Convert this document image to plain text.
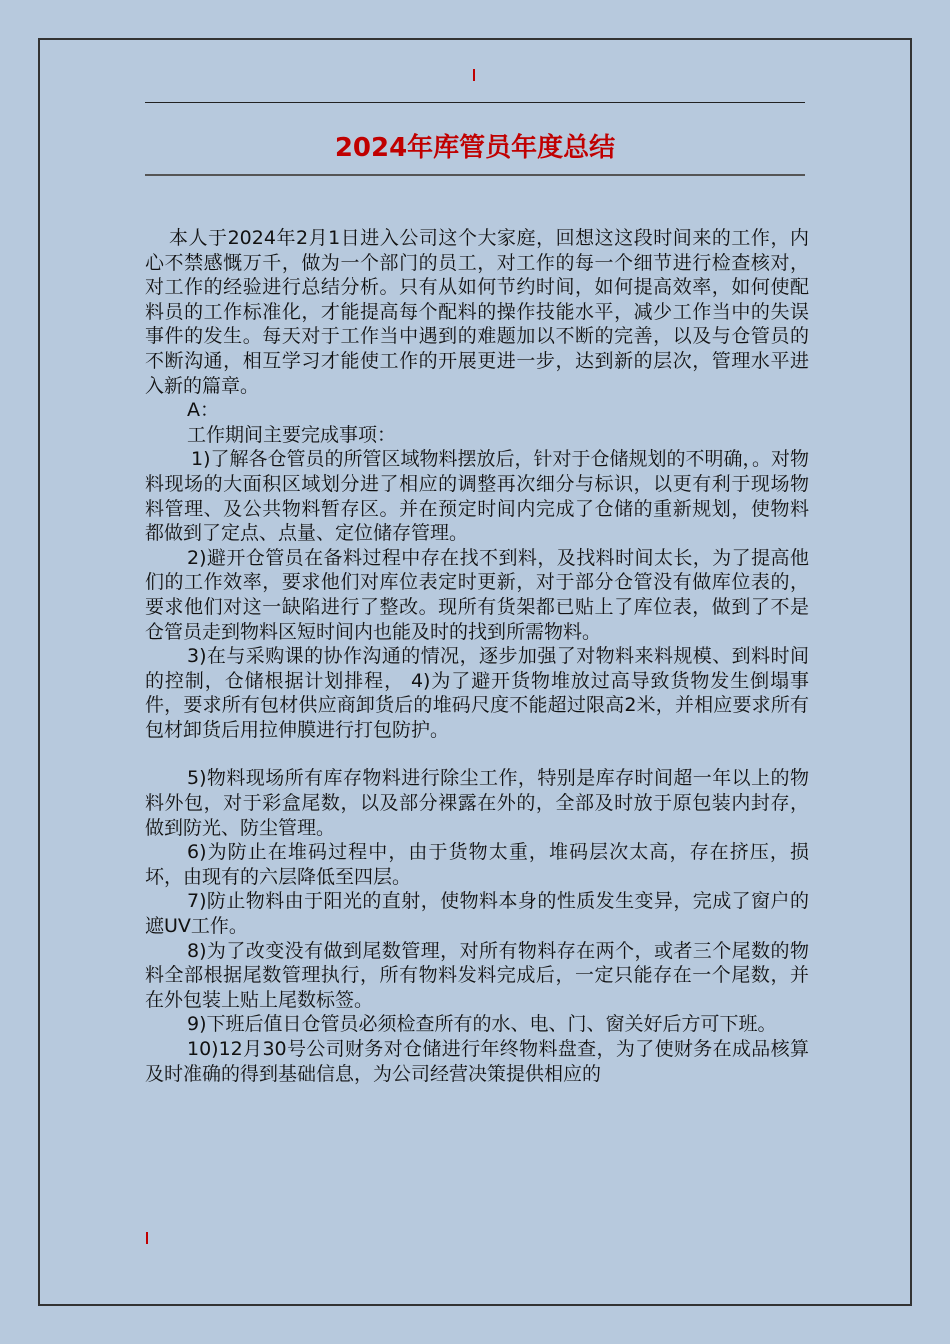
2024年库管员年度总结

本人于2024年2月1日进入公司这个大家庭，回想这这段时间来的工作，内心不禁感慨万千，做为一个部门的员工，对工作的每一个细节进行检查核对，对工作的经验进行总结分析。只有从如何节约时间，如何提高效率，如何使配料员的工作标准化，才能提高每个配料的操作技能水平，减少工作当中的失误事件的发生。每天对于工作当中遇到的难题加以不断的完善，以及与仓管员的不断沟通，相互学习才能使工作的开展更进一步，达到新的层次，管理水平进入新的篇章。

A：

工作期间主要完成事项：

1)了解各仓管员的所管区域物料摆放后，针对于仓储规划的不明确，。对物料现场的大面积区域划分进了相应的调整再次细分与标识，以更有利于现场物料管理、及公共物料暂存区。并在预定时间内完成了仓储的重新规划，使物料都做到了定点、点量、定位储存管理。

2)避开仓管员在备料过程中存在找不到料，及找料时间太长，为了提高他们的工作效率，要求他们对库位表定时更新，对于部分仓管没有做库位表的，要求他们对这一缺陷进行了整改。现所有货架都已贴上了库位表，做到了不是仓管员走到物料区短时间内也能及时的找到所需物料。

3)在与采购课的协作沟通的情况，逐步加强了对物料来料规模、到料时间的控制，仓储根据计划排程， 4)为了避开货物堆放过高导致货物发生倒塌事件，要求所有包材供应商卸货后的堆码尺度不能超过限高2米，并相应要求所有包材卸货后用拉伸膜进行打包防护。

5)物料现场所有库存物料进行除尘工作，特别是库存时间超一年以上的物料外包，对于彩盒尾数，以及部分裸露在外的，全部及时放于原包装内封存，做到防光、防尘管理。

6)为防止在堆码过程中，由于货物太重，堆码层次太高，存在挤压，损坏，由现有的六层降低至四层。

7)防止物料由于阳光的直射，使物料本身的性质发生变异，完成了窗户的遮UV工作。

8)为了改变没有做到尾数管理，对所有物料存在两个，或者三个尾数的物料全部根据尾数管理执行，所有物料发料完成后，一定只能存在一个尾数，并在外包装上贴上尾数标签。

9)下班后值日仓管员必须检查所有的水、电、门、窗关好后方可下班。

10)12月30号公司财务对仓储进行年终物料盘查，为了使财务在成品核算及时准确的得到基础信息，为公司经营决策提供相应的
